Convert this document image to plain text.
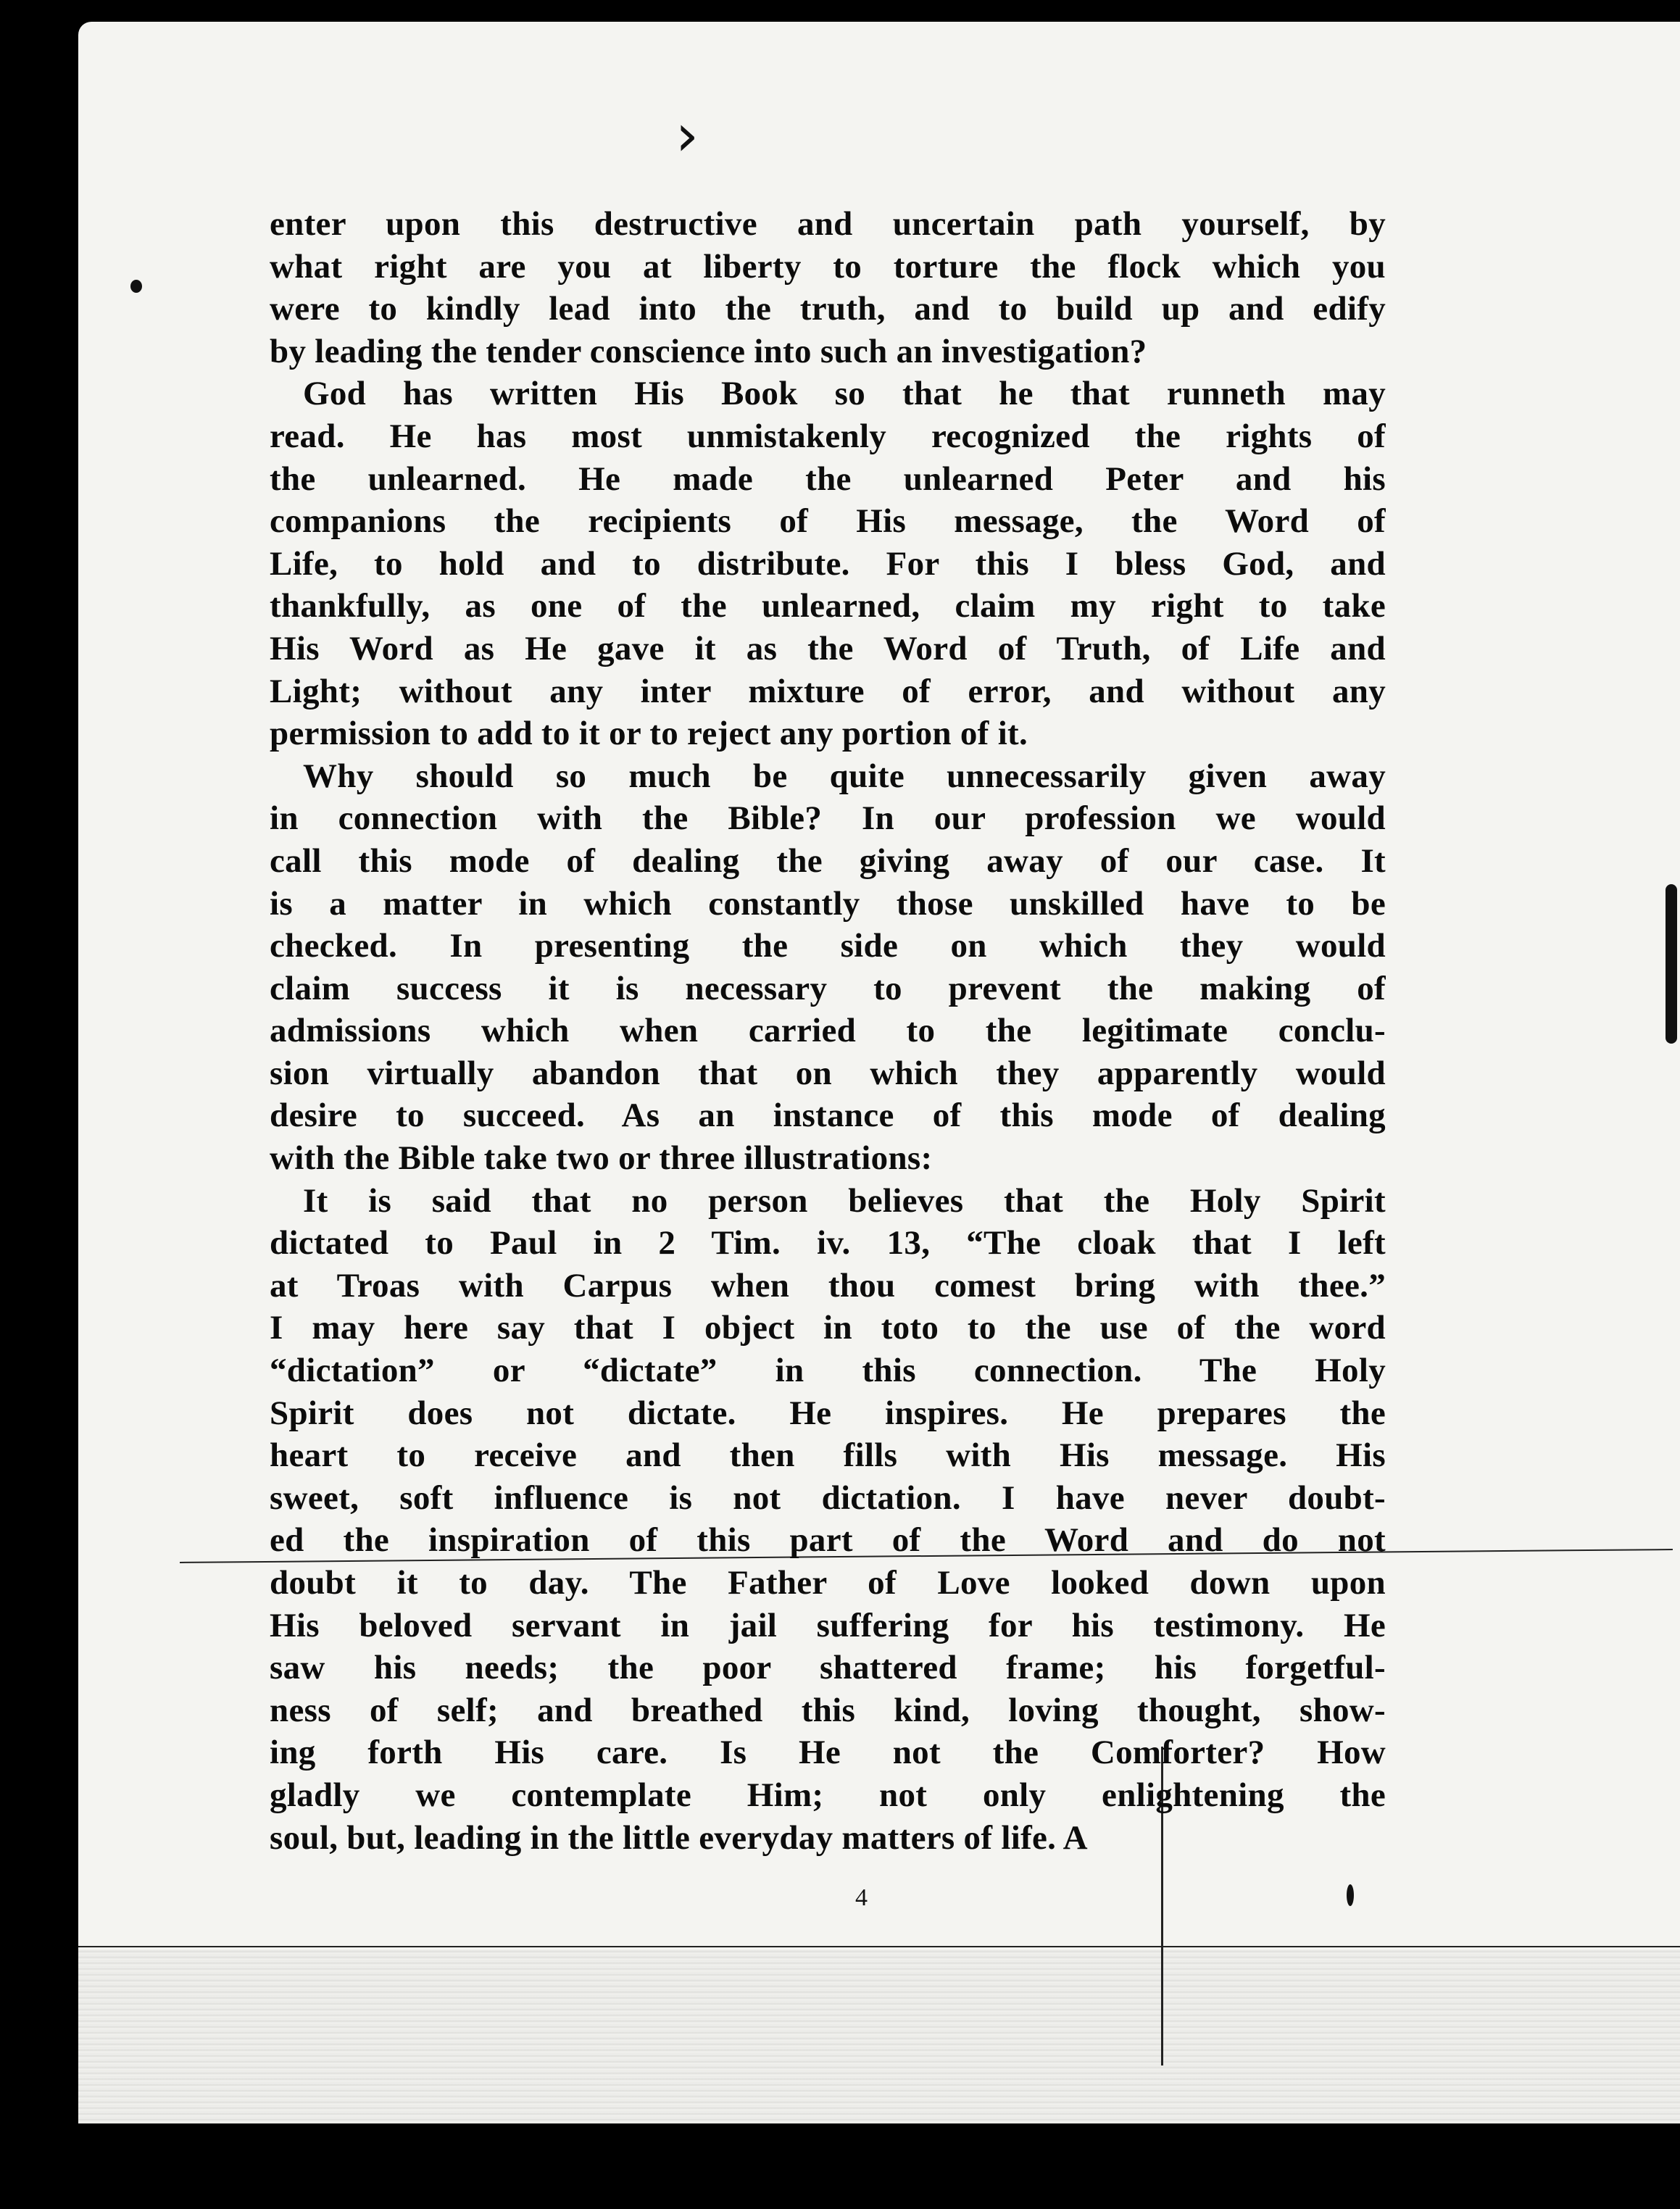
›
enter upon this destructive and uncertain path yourself, by
what right are you at liberty to torture the flock which you
were to kindly lead into the truth, and to build up and edify
by leading the tender conscience into such an investigation?
God has written His Book so that he that runneth may
read. He has most unmistakenly recognized the rights of
the unlearned. He made the unlearned Peter and his
companions the recipients of His message, the Word of
Life, to hold and to distribute. For this I bless God, and
thankfully, as one of the unlearned, claim my right to take
His Word as He gave it as the Word of Truth, of Life and
Light; without any inter mixture of error, and without any
permission to add to it or to reject any portion of it.
Why should so much be quite unnecessarily given away
in connection with the Bible? In our profession we would
call this mode of dealing the giving away of our case. It
is a matter in which constantly those unskilled have to be
checked. In presenting the side on which they would
claim success it is necessary to prevent the making of
admissions which when carried to the legitimate conclu-
sion virtually abandon that on which they apparently would
desire to succeed. As an instance of this mode of dealing
with the Bible take two or three illustrations:
It is said that no person believes that the Holy Spirit
dictated to Paul in 2 Tim. iv. 13, “The cloak that I left
at Troas with Carpus when thou comest bring with thee.”
I may here say that I object in toto to the use of the word
“dictation” or “dictate” in this connection. The Holy
Spirit does not dictate. He inspires. He prepares the
heart to receive and then fills with His message. His
sweet, soft influence is not dictation. I have never doubt-
ed the inspiration of this part of the Word and do not
doubt it to day. The Father of Love looked down upon
His beloved servant in jail suffering for his testimony. He
saw his needs; the poor shattered frame; his forgetful-
ness of self; and breathed this kind, loving thought, show-
ing forth His care. Is He not the Comforter? How
gladly we contemplate Him; not only enlightening the
soul, but, leading in the little everyday matters of life. A
4
